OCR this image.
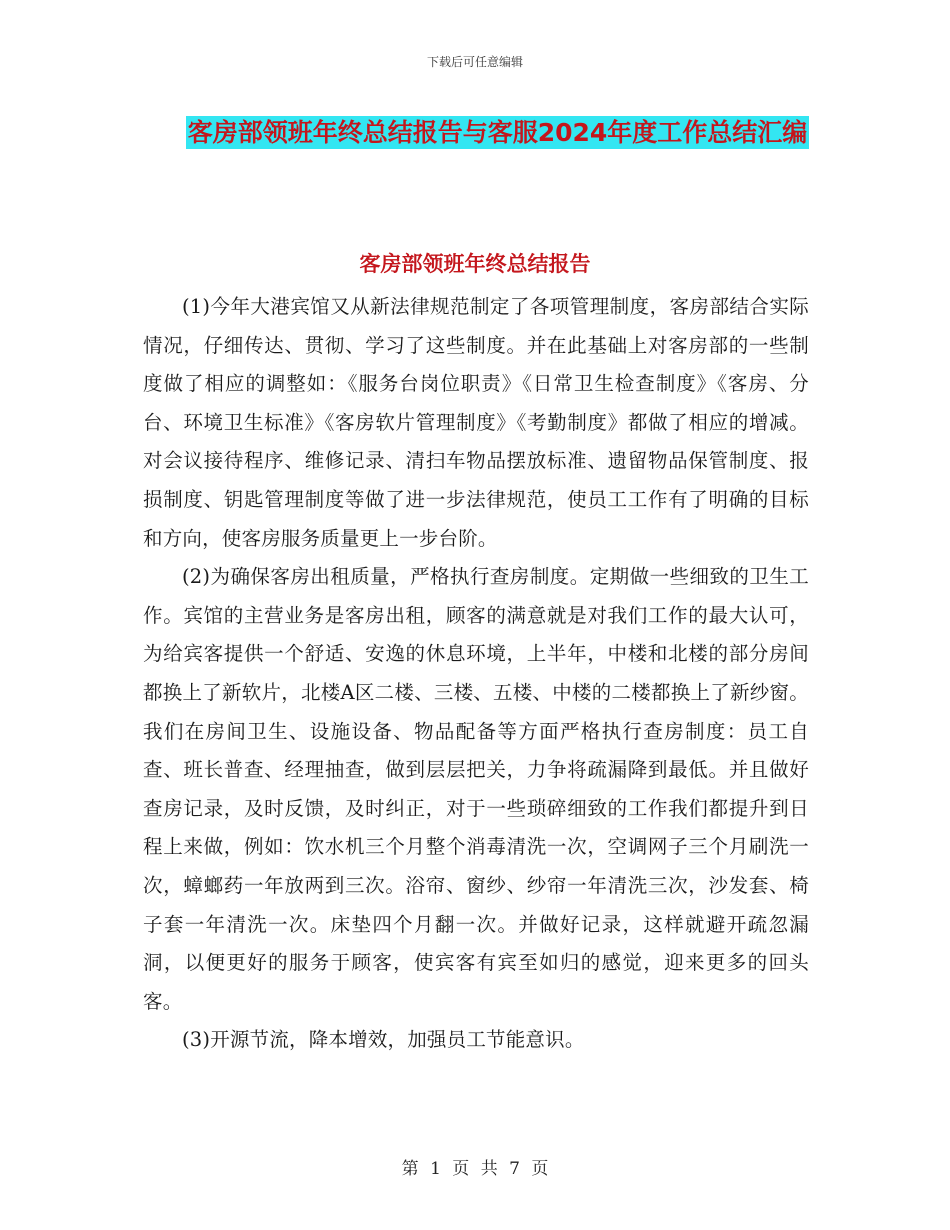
下载后可任意编辑
客房部领班年终总结报告与客服2024年度工作总结汇编
客房部领班年终总结报告

(1)今年大港宾馆又从新法律规范制定了各项管理制度，客房部结合实际情况，仔细传达、贯彻、学习了这些制度。并在此基础上对客房部的一些制度做了相应的调整如：《服务台岗位职责》《日常卫生检查制度》《客房、分台、环境卫生标准》《客房软片管理制度》《考勤制度》都做了相应的增减。对会议接待程序、维修记录、清扫车物品摆放标准、遗留物品保管制度、报损制度、钥匙管理制度等做了进一步法律规范，使员工工作有了明确的目标和方向，使客房服务质量更上一步台阶。

(2)为确保客房出租质量，严格执行查房制度。定期做一些细致的卫生工作。宾馆的主营业务是客房出租，顾客的满意就是对我们工作的最大认可，为给宾客提供一个舒适、安逸的休息环境，上半年，中楼和北楼的部分房间都换上了新软片，北楼A区二楼、三楼、五楼、中楼的二楼都换上了新纱窗。我们在房间卫生、设施设备、物品配备等方面严格执行查房制度：员工自查、班长普查、经理抽查，做到层层把关，力争将疏漏降到最低。并且做好查房记录，及时反馈，及时纠正，对于一些琐碎细致的工作我们都提升到日程上来做，例如：饮水机三个月整个消毒清洗一次，空调网子三个月刷洗一次，蟑螂药一年放两到三次。浴帘、窗纱、纱帘一年清洗三次，沙发套、椅子套一年清洗一次。床垫四个月翻一次。并做好记录，这样就避开疏忽漏洞，以便更好的服务于顾客，使宾客有宾至如归的感觉，迎来更多的回头客。

(3)开源节流，降本增效，加强员工节能意识。

第 1 页 共 7 页
